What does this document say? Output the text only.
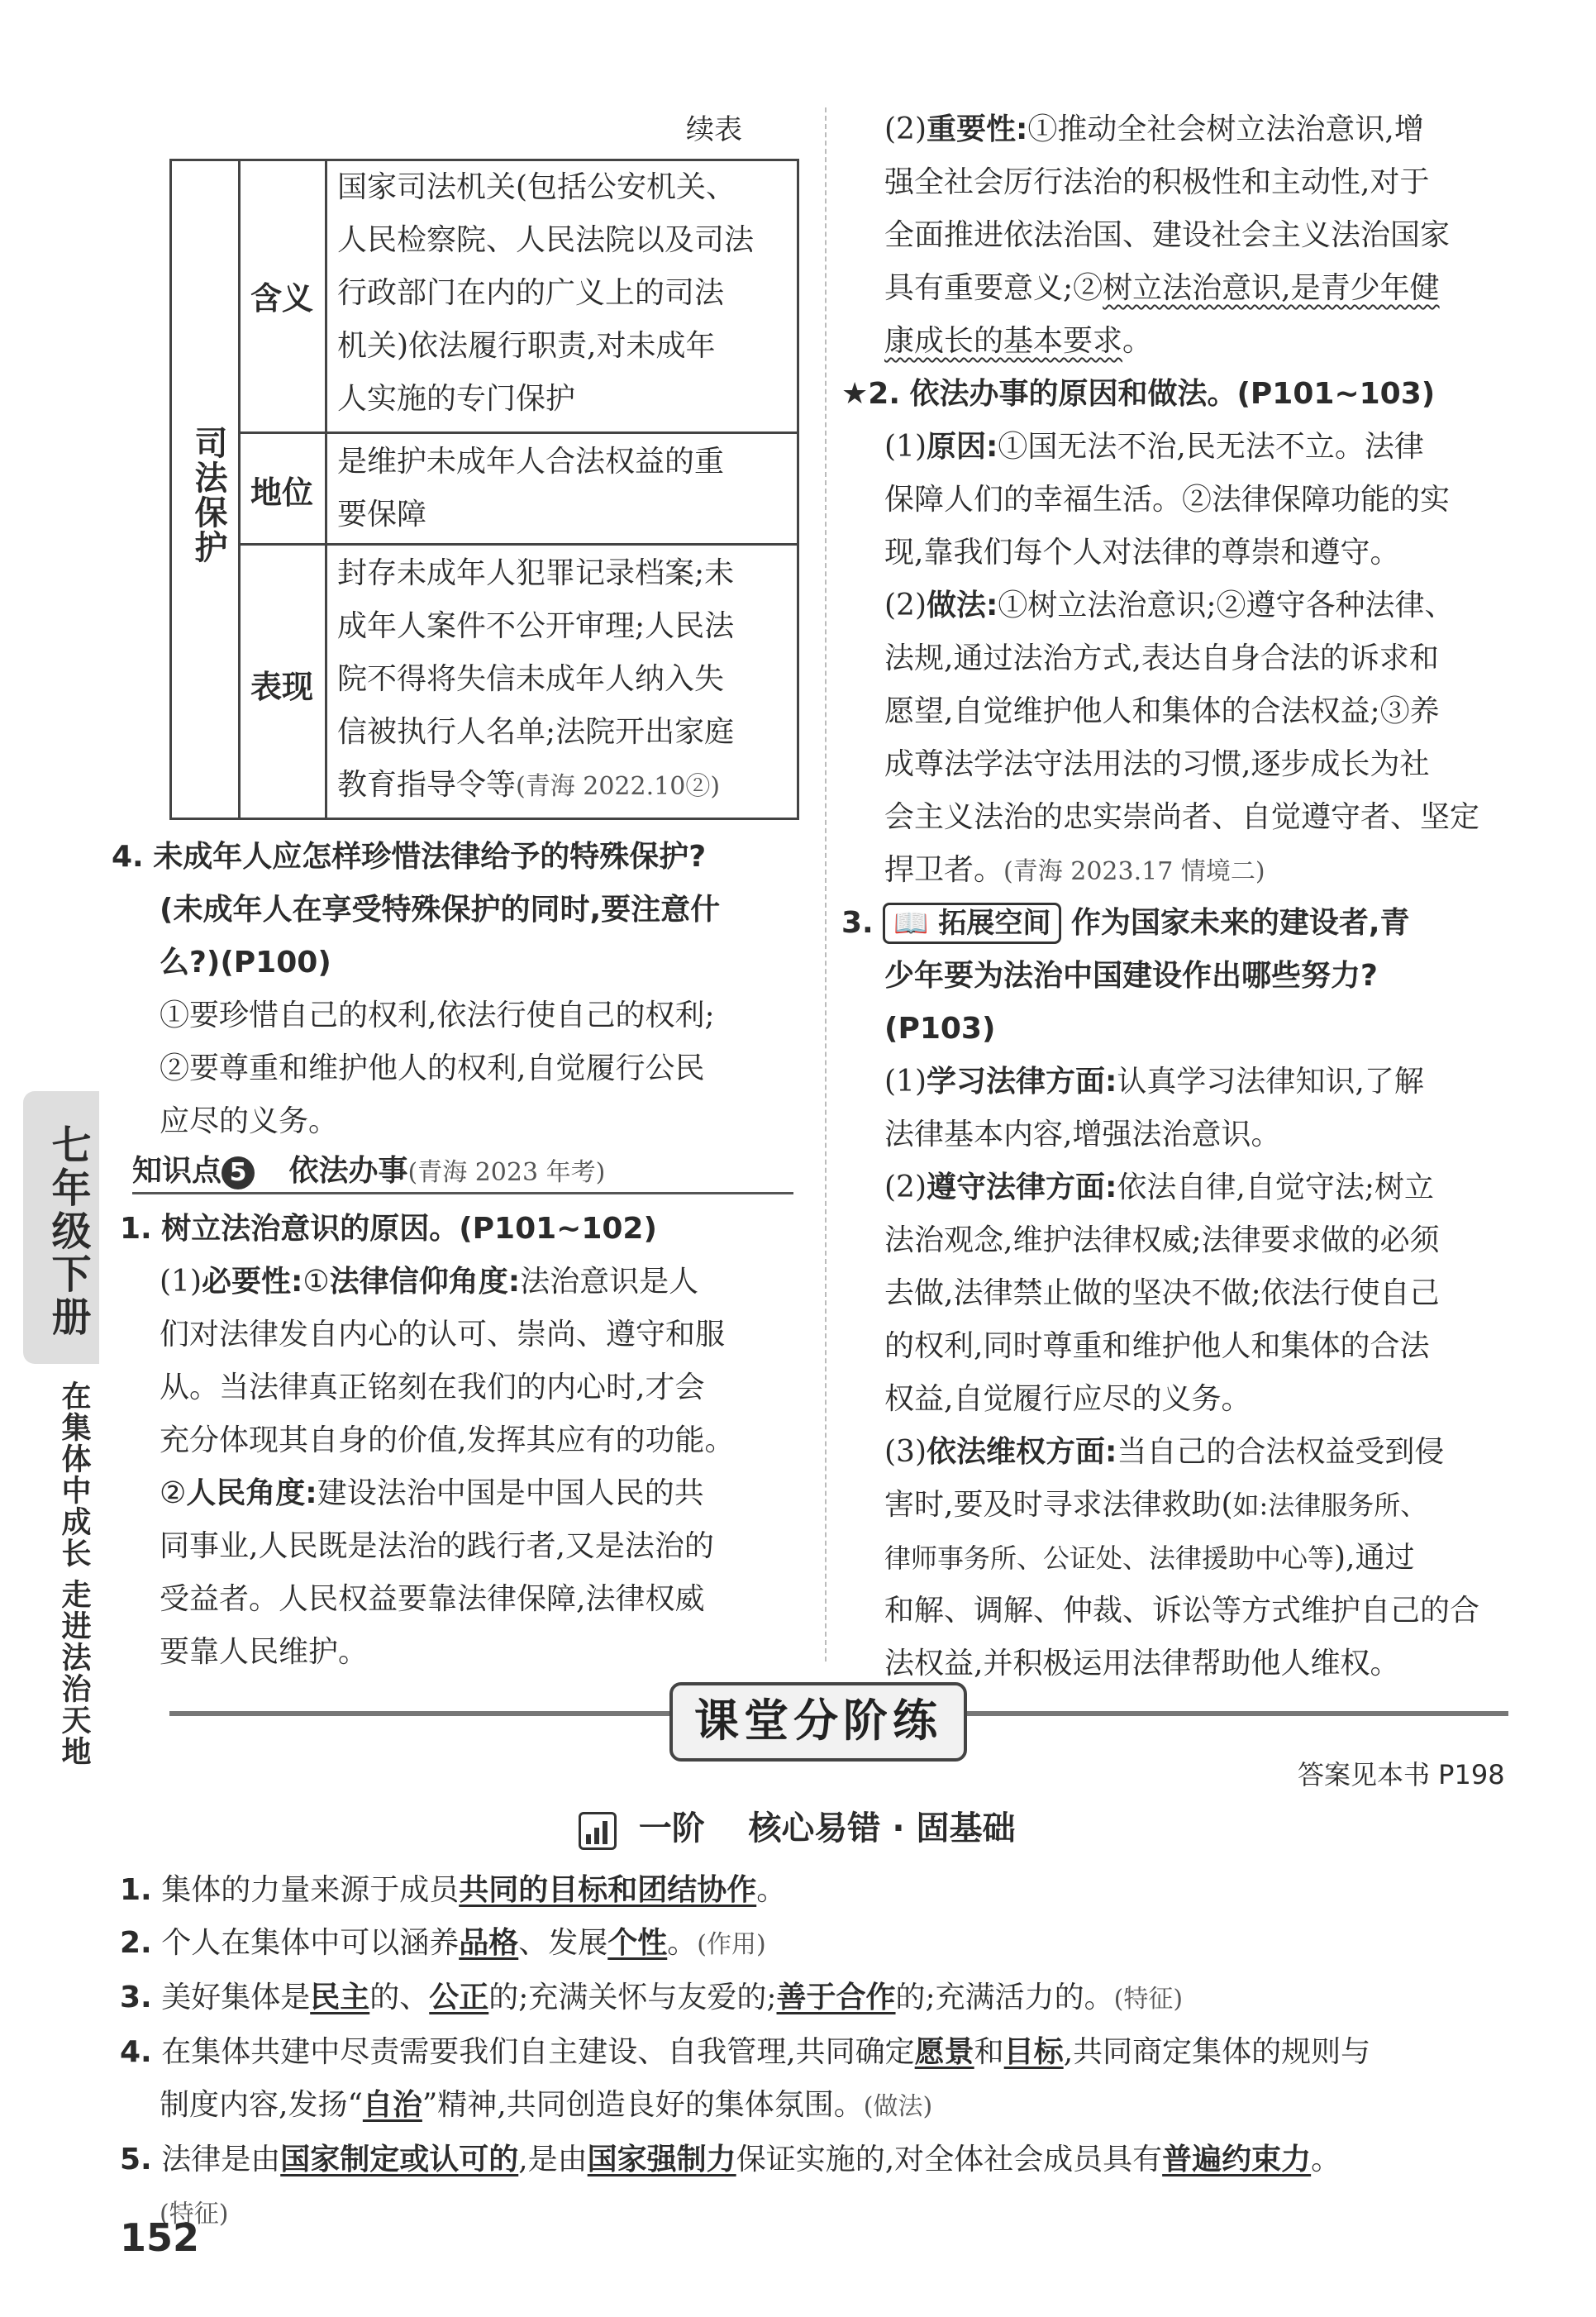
七年级下册
在集体中成长
走进法治天地
续表
司法保护
含义
国家司法机关(包括公安机关、
人民检察院、人民法院以及司法
行政部门在内的广义上的司法
机关)依法履行职责,对未成年
人实施的专门保护
地位
是维护未成年人合法权益的重
要保障
表现
封存未成年人犯罪记录档案;未
成年人案件不公开审理;人民法
院不得将失信未成年人纳入失
信被执行人名单;法院开出家庭
教育指导令等(青海 2022.10②)
4. 未成年人应怎样珍惜法律给予的特殊保护?
(未成年人在享受特殊保护的同时,要注意什
么?)(P100)
①要珍惜自己的权利,依法行使自己的权利;
②要尊重和维护他人的权利,自觉履行公民
应尽的义务。
知识点 5 依法办事(青海 2023 年考)
1. 树立法治意识的原因。(P101~102)
(1)必要性:①法律信仰角度:法治意识是人
们对法律发自内心的认可、崇尚、遵守和服
从。当法律真正铭刻在我们的内心时,才会
充分体现其自身的价值,发挥其应有的功能。
②人民角度:建设法治中国是中国人民的共
同事业,人民既是法治的践行者,又是法治的
受益者。人民权益要靠法律保障,法律权威
要靠人民维护。
(2)重要性:①推动全社会树立法治意识,增
强全社会厉行法治的积极性和主动性,对于
全面推进依法治国、建设社会主义法治国家
具有重要意义;②树立法治意识,是青少年健
康成长的基本要求。
★2. 依法办事的原因和做法。(P101~103)
(1)原因:①国无法不治,民无法不立。法律
保障人们的幸福生活。②法律保障功能的实
现,靠我们每个人对法律的尊崇和遵守。
(2)做法:①树立法治意识;②遵守各种法律、
法规,通过法治方式,表达自身合法的诉求和
愿望,自觉维护他人和集体的合法权益;③养
成尊法学法守法用法的习惯,逐步成长为社
会主义法治的忠实崇尚者、自觉遵守者、坚定
捍卫者。(青海 2023.17 情境二)
3. 📖 拓展空间 作为国家未来的建设者,青
少年要为法治中国建设作出哪些努力?
(P103)
(1)学习法律方面:认真学习法律知识,了解
法律基本内容,增强法治意识。
(2)遵守法律方面:依法自律,自觉守法;树立
法治观念,维护法律权威;法律要求做的必须
去做,法律禁止做的坚决不做;依法行使自己
的权利,同时尊重和维护他人和集体的合法
权益,自觉履行应尽的义务。
(3)依法维权方面:当自己的合法权益受到侵
害时,要及时寻求法律救助(如:法律服务所、
律师事务所、公证处、法律援助中心等),通过
和解、调解、仲裁、诉讼等方式维护自己的合
法权益,并积极运用法律帮助他人维权。
课堂分阶练
答案见本书 P198
一阶 核心易错 · 固基础
1. 集体的力量来源于成员共同的目标和团结协作。
2. 个人在集体中可以涵养品格、发展个性。(作用)
3. 美好集体是民主的、公正的;充满关怀与友爱的;善于合作的;充满活力的。(特征)
4. 在集体共建中尽责需要我们自主建设、自我管理,共同确定愿景和目标,共同商定集体的规则与
制度内容,发扬“自治”精神,共同创造良好的集体氛围。(做法)
5. 法律是由国家制定或认可的,是由国家强制力保证实施的,对全体社会成员具有普遍约束力。
(特征)
152
